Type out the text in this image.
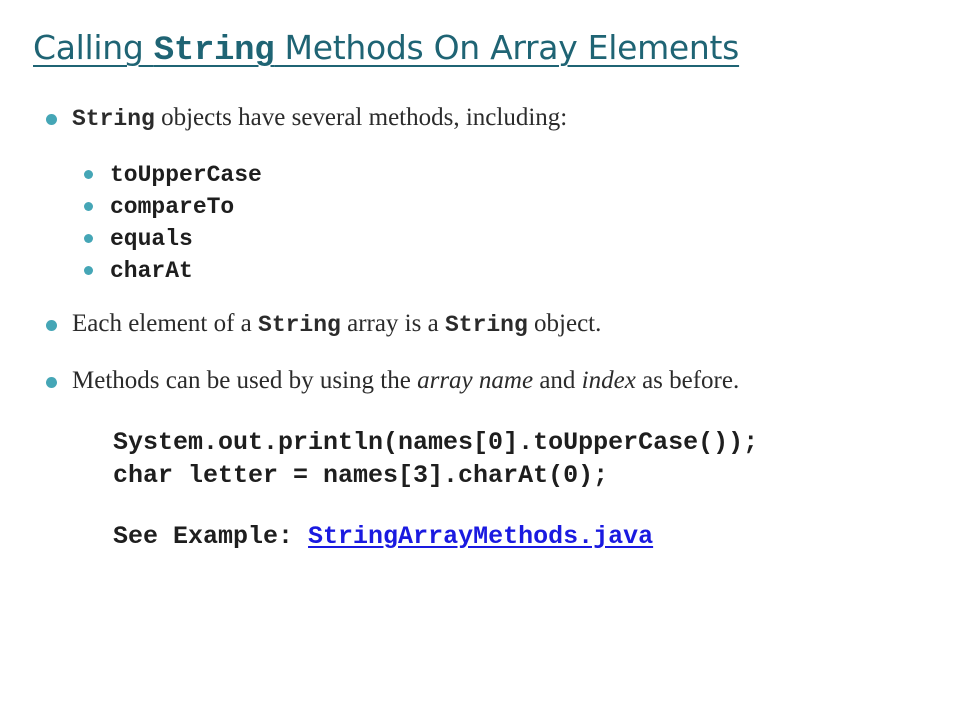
Calling String Methods On Array Elements
String objects have several methods, including:
toUpperCase
compareTo
equals
charAt
Each element of a String array is a String object.
Methods can be used by using the array name and index as before.
System.out.println(names[0].toUpperCase());
char letter = names[3].charAt(0);
See Example: StringArrayMethods.java
